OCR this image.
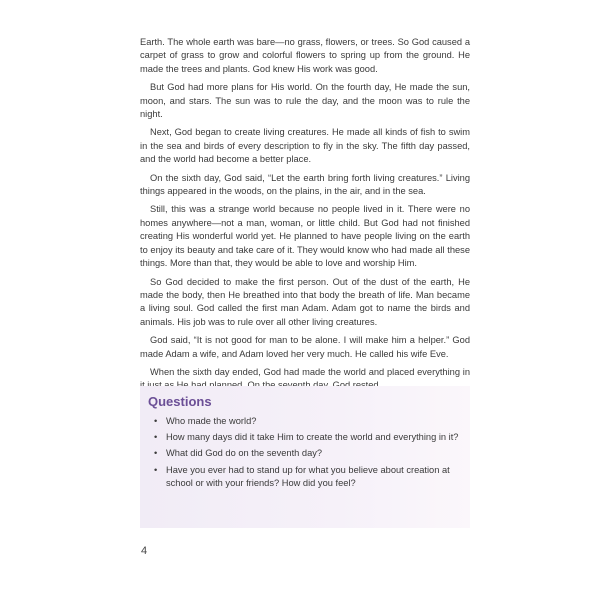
Earth. The whole earth was bare—no grass, flowers, or trees. So God caused a carpet of grass to grow and colorful flowers to spring up from the ground. He made the trees and plants. God knew His work was good.

But God had more plans for His world. On the fourth day, He made the sun, moon, and stars. The sun was to rule the day, and the moon was to rule the night.

Next, God began to create living creatures. He made all kinds of fish to swim in the sea and birds of every description to fly in the sky. The fifth day passed, and the world had become a better place.

On the sixth day, God said, “Let the earth bring forth living creatures.” Living things appeared in the woods, on the plains, in the air, and in the sea.

Still, this was a strange world because no people lived in it. There were no homes anywhere—not a man, woman, or little child. But God had not finished creating His wonderful world yet. He planned to have people living on the earth to enjoy its beauty and take care of it. They would know who had made all these things. More than that, they would be able to love and worship Him.

So God decided to make the first person. Out of the dust of the earth, He made the body, then He breathed into that body the breath of life. Man became a living soul. God called the first man Adam. Adam got to name the birds and animals. His job was to rule over all other living creatures.

God said, “It is not good for man to be alone. I will make him a helper.” God made Adam a wife, and Adam loved her very much. He called his wife Eve.

When the sixth day ended, God had made the world and placed everything in

Questions
• Who made the world?
• How many days did it take Him to create the world and everything in it?
• What did God do on the seventh day?
• Have you ever had to stand up for what you believe about creation at school or with your friends? How did you feel?
4
